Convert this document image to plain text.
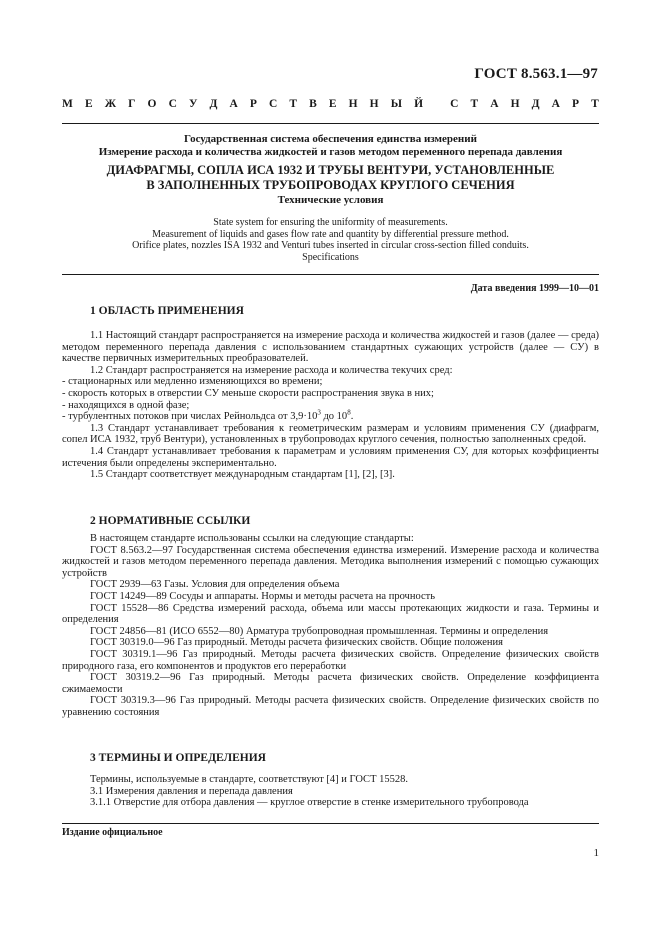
ГОСТ 8.563.1—97
М Е Ж Г О С У Д А Р С Т В Е Н Н Ы Й
С Т А Н Д А Р Т
Государственная система обеспечения единства измерений
Измерение расхода и количества жидкостей и газов методом переменного перепада давления
ДИАФРАГМЫ, СОПЛА ИСА 1932 И ТРУБЫ ВЕНТУРИ, УСТАНОВЛЕННЫЕ
В ЗАПОЛНЕННЫХ ТРУБОПРОВОДАХ КРУГЛОГО СЕЧЕНИЯ
Технические условия
State system for ensuring the uniformity of measurements.
Measurement of liquids and gases flow rate and quantity by differential pressure method.
Orifice plates, nozzles ISA 1932 and Venturi tubes inserted in circular cross-section filled conduits.
Specifications
Дата введения 1999—10—01
1 ОБЛАСТЬ ПРИМЕНЕНИЯ

1.1 Настоящий стандарт распространяется на измерение расхода и количества жидкостей и газов (далее — среда) методом переменного перепада давления с использованием стандартных сужающих устройств (далее — СУ) в качестве первичных измерительных преобразователей.

1.2 Стандарт распространяется на измерение расхода и количества текучих сред:

- стационарных или медленно изменяющихся во времени;

- скорость которых в отверстии СУ меньше скорости распространения звука в них;

- находящихся в одной фазе;

- турбулентных потоков при числах Рейнольдса от $3,9\cdot 10^3$ до $10^8$.

1.3 Стандарт устанавливает требования к геометрическим размерам и условиям применения СУ (диафрагм, сопел ИСА 1932, труб Вентури), установленных в трубопроводах круглого сечения, полностью заполненных средой.

1.4 Стандарт устанавливает требования к параметрам и условиям применения СУ, для которых коэффициенты истечения были определены экспериментально.

1.5 Стандарт соответствует международным стандартам [1], [2], [3].

2 НОРМАТИВНЫЕ ССЫЛКИ

В настоящем стандарте использованы ссылки на следующие стандарты:

ГОСТ 8.563.2—97 Государственная система обеспечения единства измерений. Измерение расхода и количества жидкостей и газов методом переменного перепада давления. Методика выполнения измерений с помощью сужающих устройств

ГОСТ 2939—63 Газы. Условия для определения объема

ГОСТ 14249—89 Сосуды и аппараты. Нормы и методы расчета на прочность

ГОСТ 15528—86 Средства измерений расхода, объема или массы протекающих жидкости и газа. Термины и определения

ГОСТ 24856—81 (ИСО 6552—80) Арматура трубопроводная промышленная. Термины и определения

ГОСТ 30319.0—96 Газ природный. Методы расчета физических свойств. Общие положения

ГОСТ 30319.1—96 Газ природный. Методы расчета физических свойств. Определение физических свойств природного газа, его компонентов и продуктов его переработки

ГОСТ 30319.2—96 Газ природный. Методы расчета физических свойств. Определение коэффициента сжимаемости

ГОСТ 30319.3—96 Газ природный. Методы расчета физических свойств. Определение физических свойств по уравнению состояния

3 ТЕРМИНЫ И ОПРЕДЕЛЕНИЯ

Термины, используемые в стандарте, соответствуют [4] и ГОСТ 15528.

3.1 Измерения давления и перепада давления

3.1.1 Отверстие для отбора давления — круглое отверстие в стенке измерительного трубопровода

Издание официальное
1
